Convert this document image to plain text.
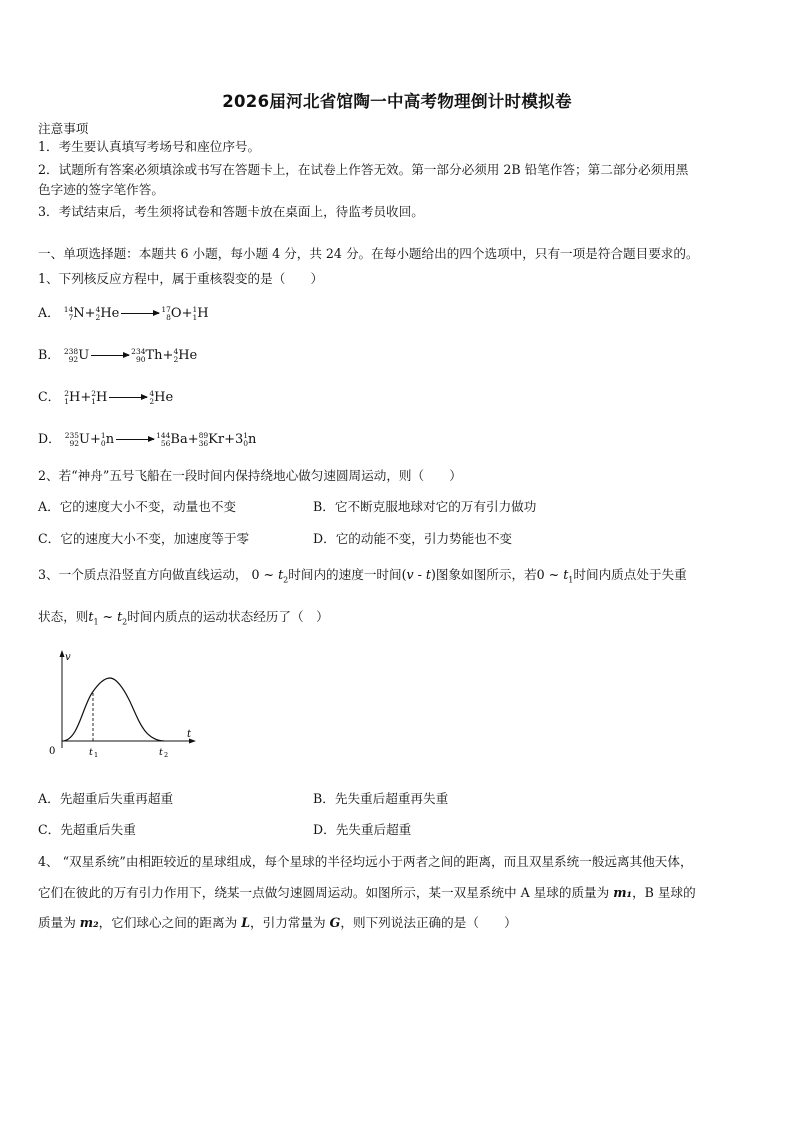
2026届河北省馆陶一中高考物理倒计时模拟卷
注意事项
1．考生要认真填写考场号和座位序号。
2．试题所有答案必须填涂或书写在答题卡上，在试卷上作答无效。第一部分必须用 2B 铅笔作答；第二部分必须用黑
色字迹的签字笔作答。
3．考试结束后，考生须将试卷和答题卡放在桌面上，待监考员收回。
一、单项选择题：本题共 6 小题，每小题 4 分，共 24 分。在每小题给出的四个选项中，只有一项是符合题目要求的。
1、下列核反应方程中，属于重核裂变的是（　　）
A． 14
7 N+ 4
2 He	17
8 O+ 1
1 H
B． 238
92 U	234
90 Th+ 4
2 He
C． 2
1 H+ 2
1 H	4
2 He
D． 235
92 U+ 1
0 n	144
56 Ba+ 89
36 Kr+3 1
0 n
2、若“神舟”五号飞船在一段时间内保持绕地心做匀速圆周运动，则（　　）
A．它的速度大小不变，动量也不变	B．它不断克服地球对它的万有引力做功
C．它的速度大小不变，加速度等于零	D．它的动能不变，引力势能也不变
3、一个质点沿竖直方向做直线运动， 0 ~ $t_2$时间内的速度一时间(v - t)图象如图所示，若0 ~ $t_1$时间内质点处于失重
状态，则$t_1$ ~ $t_2$时间内质点的运动状态经历了（　）
v
t
0	t 1	t 2
A．先超重后失重再超重	B．先失重后超重再失重
C．先超重后失重	D．先失重后超重
4、 “双星系统”由相距较近的星球组成，每个星球的半径均远小于两者之间的距离，而且双星系统一般远离其他天体，
它们在彼此的万有引力作用下，绕某一点做匀速圆周运动。如图所示，某一双星系统中 A 星球的质量为 m₁，B 星球的
质量为 m₂，它们球心之间的距离为 L，引力常量为 G，则下列说法正确的是（　　）
